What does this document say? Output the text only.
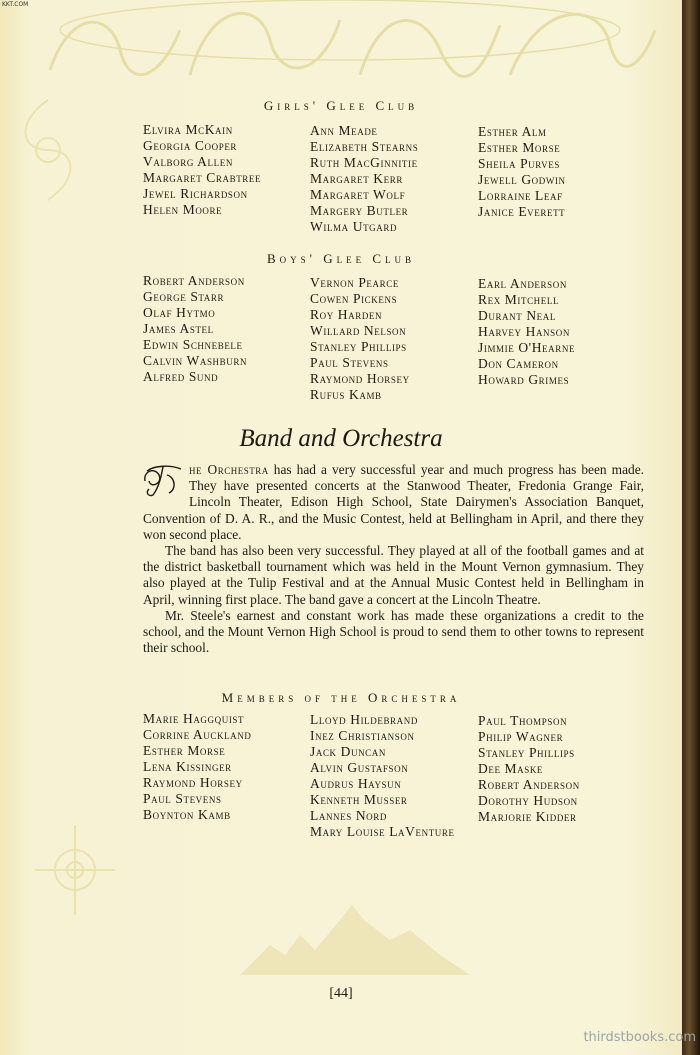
KKT.COM
Girls' Glee Club
Elvira McKain
Georgia Cooper
Valborg Allen
Margaret Crabtree
Jewel Richardson
Helen Moore
Ann Meade
Elizabeth Stearns
Ruth MacGinnitie
Margaret Kerr
Margaret Wolf
Margery Butler
Wilma Utgard
Esther Alm
Esther Morse
Sheila Purves
Jewell Godwin
Lorraine Leaf
Janice Everett
Boys' Glee Club
Robert Anderson
George Starr
Olaf Hytmo
James Astel
Edwin Schnebele
Calvin Washburn
Alfred Sund
Vernon Pearce
Cowen Pickens
Roy Harden
Willard Nelson
Stanley Phillips
Paul Stevens
Raymond Horsey
Rufus Kamb
Earl Anderson
Rex Mitchell
Durant Neal
Harvey Hanson
Jimmie O'Hearne
Don Cameron
Howard Grimes
Band and Orchestra

he Orchestra has had a very successful year and much progress has been made. They have presented concerts at the Stanwood Theater, Fredonia Grange Fair, Lincoln Theater, Edison High School, State Dairymen's Association Banquet, Convention of D. A. R., and the Music Contest, held at Bellingham in April, and there they won second place.

The band has also been very successful. They played at all of the football games and at the district basketball tournament which was held in the Mount Vernon gymnasium. They also played at the Tulip Festival and at the Annual Music Contest held in Bellingham in April, winning first place. The band gave a concert at the Lincoln Theatre.

Mr. Steele's earnest and constant work has made these organizations a credit to the school, and the Mount Vernon High School is proud to send them to other towns to represent their school.

Members of the Orchestra
Marie Haggquist
Corrine Auckland
Esther Morse
Lena Kissinger
Raymond Horsey
Paul Stevens
Boynton Kamb
Lloyd Hildebrand
Inez Christianson
Jack Duncan
Alvin Gustafson
Audrus Haysun
Kenneth Musser
Lannes Nord
Mary Louise LaVenture
Paul Thompson
Philip Wagner
Stanley Phillips
Dee Maske
Robert Anderson
Dorothy Hudson
Marjorie Kidder
[44]
thirdstbooks.com
